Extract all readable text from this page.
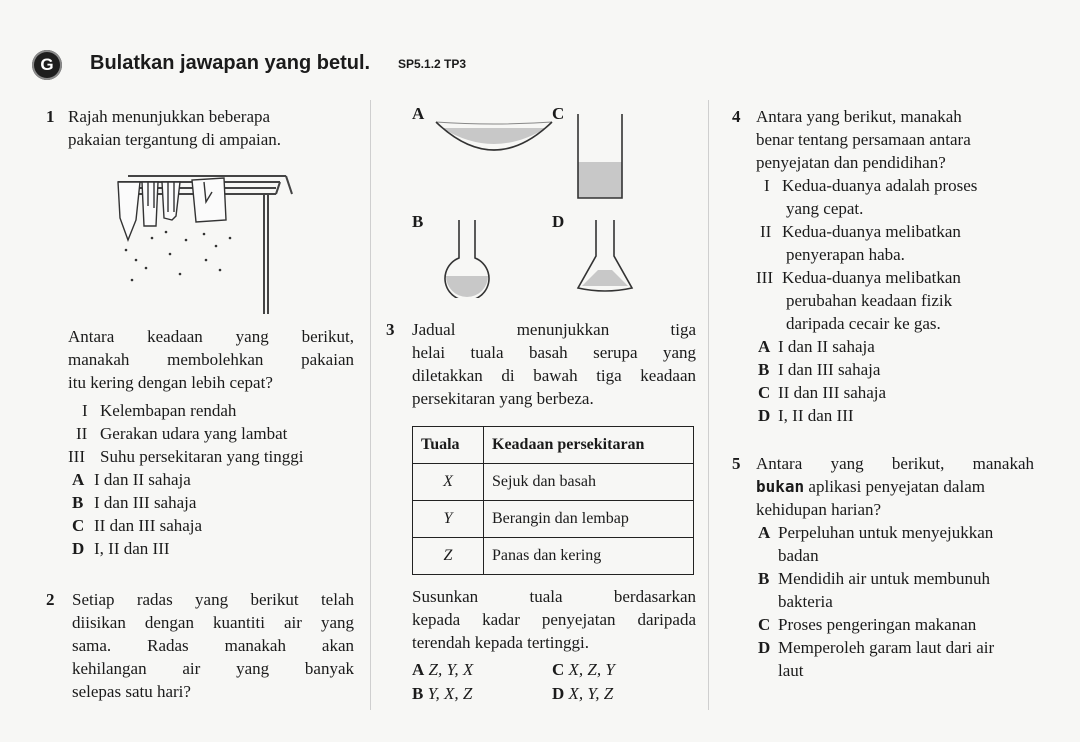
G	Bulatkan jawapan yang betul. SP5.1.2 TP3
1 Rajah menunjukkan beberapa
pakaian tergantung di ampaian.
Antara keadaan yang berikut,
manakah membolehkan pakaian
itu kering dengan lebih cepat?
I Kelembapan rendah
II Gerakan udara yang lambat
III Suhu persekitaran yang tinggi
A I dan II sahaja
B I dan III sahaja
C II dan III sahaja
D I, II dan III
2 Setiap radas yang berikut telah
diisikan dengan kuantiti air yang
sama. Radas manakah akan
kehilangan air yang banyak
selepas satu hari?
A	C
B	D
3 Jadual menunjukkan tiga
helai tuala basah serupa yang
diletakkan di bawah tiga keadaan
persekitaran yang berbeza.
Tuala	Keadaan persekitaran
X	Sejuk dan basah
Y	Berangin dan lembap
Z	Panas dan kering
Susunkan tuala berdasarkan
kepada kadar penyejatan daripada
terendah kepada tertinggi.
A Z, Y, X
B Y, X, Z
C X, Z, Y
D X, Y, Z
4 Antara yang berikut, manakah
benar tentang persamaan antara
penyejatan dan pendidihan?
I Kedua-duanya adalah proses
yang cepat.
II Kedua-duanya melibatkan
penyerapan haba.
III Kedua-duanya melibatkan
perubahan keadaan fizik
daripada cecair ke gas.
A I dan II sahaja
B I dan III sahaja
C II dan III sahaja
D I, II dan III
5 Antara yang berikut, manakah
bukan aplikasi penyejatan dalam
kehidupan harian?
A Perpeluhan untuk menyejukkan
badan
B Mendidih air untuk membunuh
bakteria
C Proses pengeringan makanan
D Memperoleh garam laut dari air
laut
